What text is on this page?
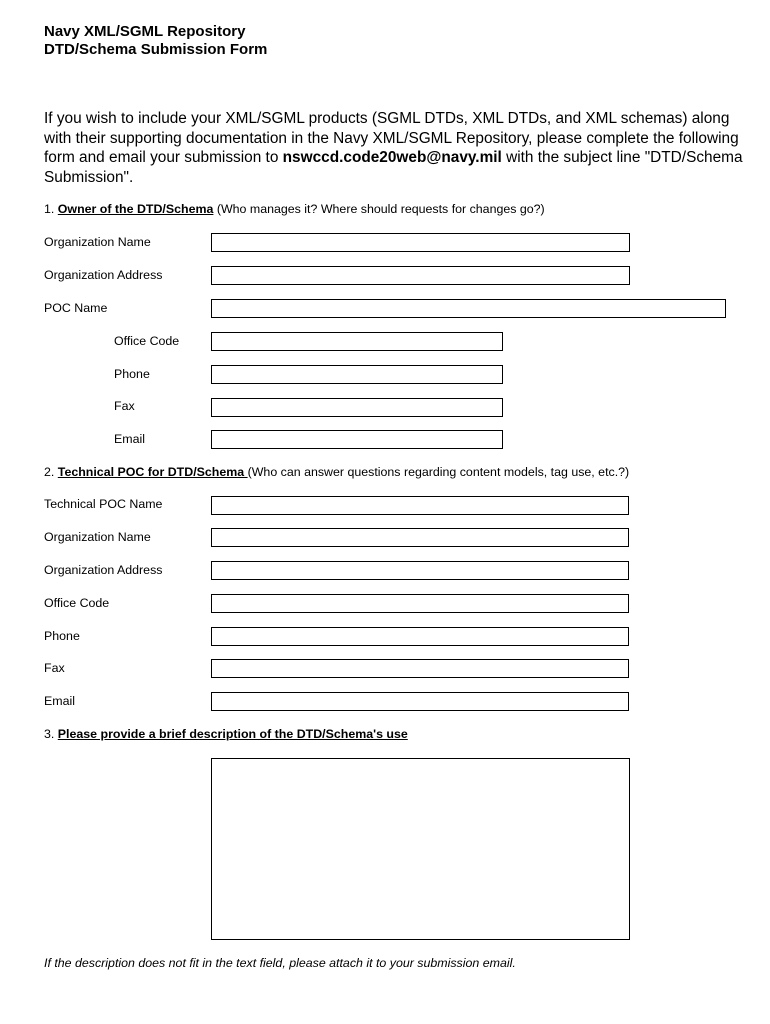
Navy XML/SGML Repository
DTD/Schema Submission Form
If you wish to include your XML/SGML products (SGML DTDs, XML DTDs, and XML schemas) along with their supporting documentation in the Navy XML/SGML Repository, please complete the following form and email your submission to nswccd.code20web@navy.mil with the subject line "DTD/Schema Submission".
1. Owner of the DTD/Schema (Who manages it? Where should requests for changes go?)
Organization Name
Organization Address
POC Name
Office Code
Phone
Fax
Email
2. Technical POC for DTD/Schema (Who can answer questions regarding content models, tag use, etc.?)
Technical POC Name
Organization Name
Organization Address
Office Code
Phone
Fax
Email
3. Please provide a brief description of the DTD/Schema's use
If the description does not fit in the text field, please attach it to your submission email.
